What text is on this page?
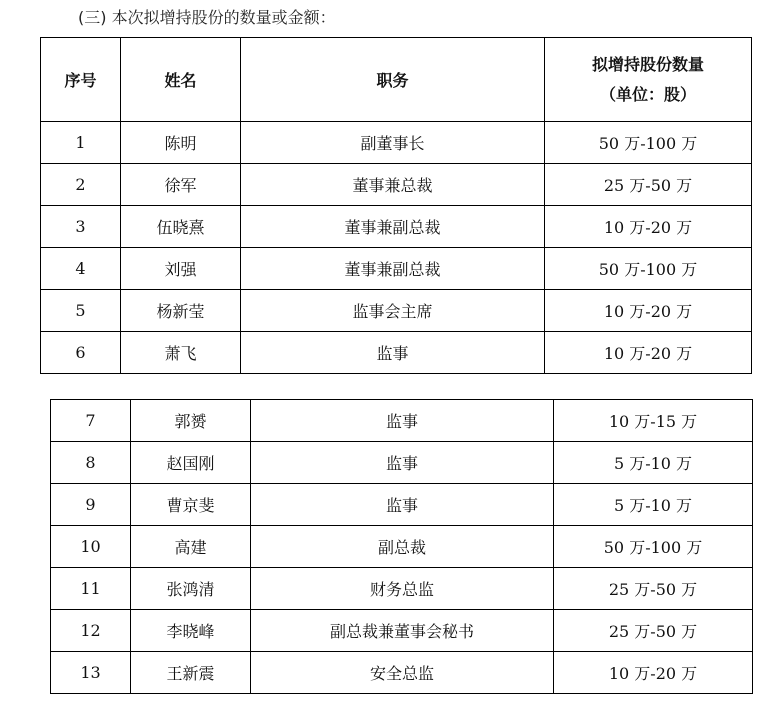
(三) 本次拟增持股份的数量或金额：
序号	姓名	职务	拟增持股份数量
（单位：股）

1	陈明	副董事长	50 万-100 万
2	徐军	董事兼总裁	25 万-50 万
3	伍晓熹	董事兼副总裁	10 万-20 万
4	刘强	董事兼副总裁	50 万-100 万
5	杨新莹	监事会主席	10 万-20 万
6	萧飞	监事	10 万-20 万
7	郭赟	监事	10 万-15 万
8	赵国刚	监事	5 万-10 万
9	曹京斐	监事	5 万-10 万
10	高建	副总裁	50 万-100 万
11	张鸿清	财务总监	25 万-50 万
12	李晓峰	副总裁兼董事会秘书	25 万-50 万
13	王新震	安全总监	10 万-20 万
